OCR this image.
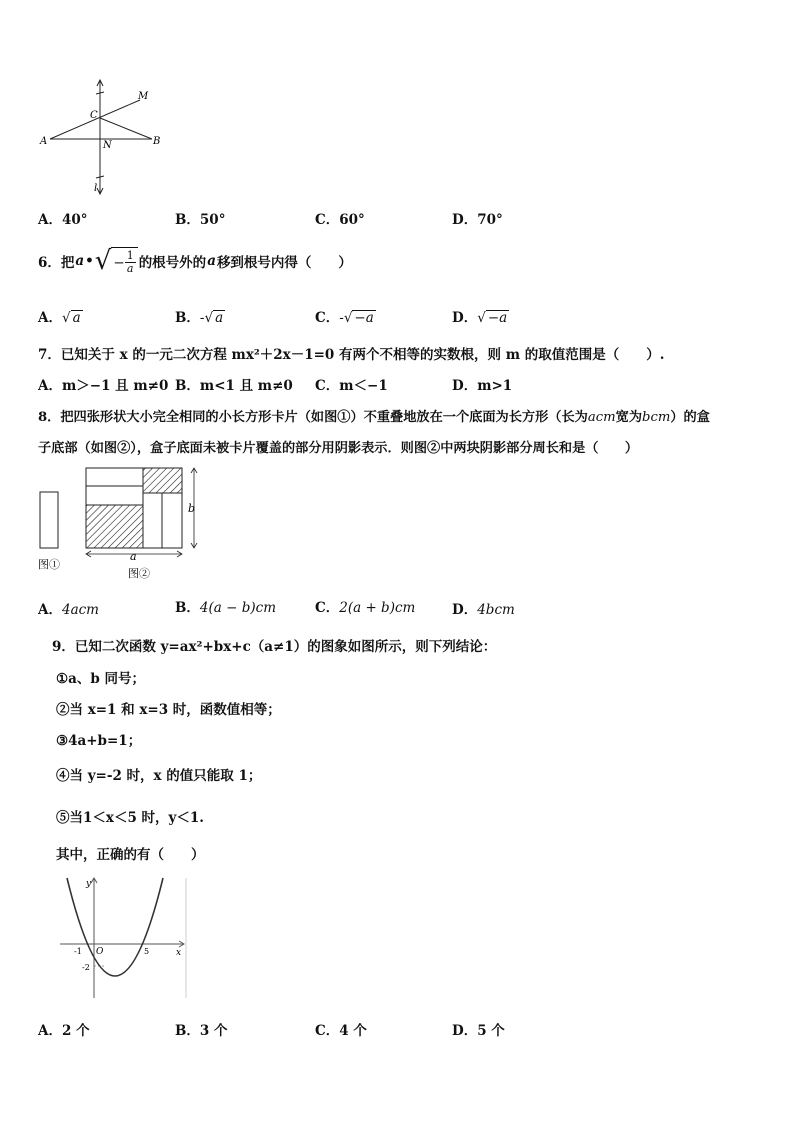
M
C
A	N	B
l
A．40°	B．50°	C．60°	D．70°
6．把 a • √ − $\frac{1}{a}$ 的根号外的 a 移到根号内得（　　）
A．√ a	B．-√ a	C．-√ −a	D．√ −a
7．已知关于 x 的一元二次方程 mx²＋2x－1=0 有两个不相等的实数根，则 m 的取值范围是（　　）.
A．m＞−1 且 m≠0 B．m<1 且 m≠0 C．m＜−1	D．m>1
8．把四张形状大小完全相同的小长方形卡片（如图①）不重叠地放在一个底面为长方形（长为acm宽为bcm）的盒
子底部（如图②），盒子底面未被卡片覆盖的部分用阴影表示．则图②中两块阴影部分周长和是（　　）
a
b
图①
图②
A．4acm	B．4(a − b)cm	C．2(a + b)cm	D．4bcm
9．已知二次函数 y=ax²+bx+c（a≠1）的图象如图所示，则下列结论：
①a、b 同号；
②当 x=1 和 x=3 时，函数值相等；
③4a+b=1；
④当 y=-2 时，x 的值只能取 1；
⑤当1＜x＜5 时，y＜1.
其中，正确的有（　　）
y
x
O
-1	5
-2
A．2 个	B．3 个	C．4 个	D．5 个
